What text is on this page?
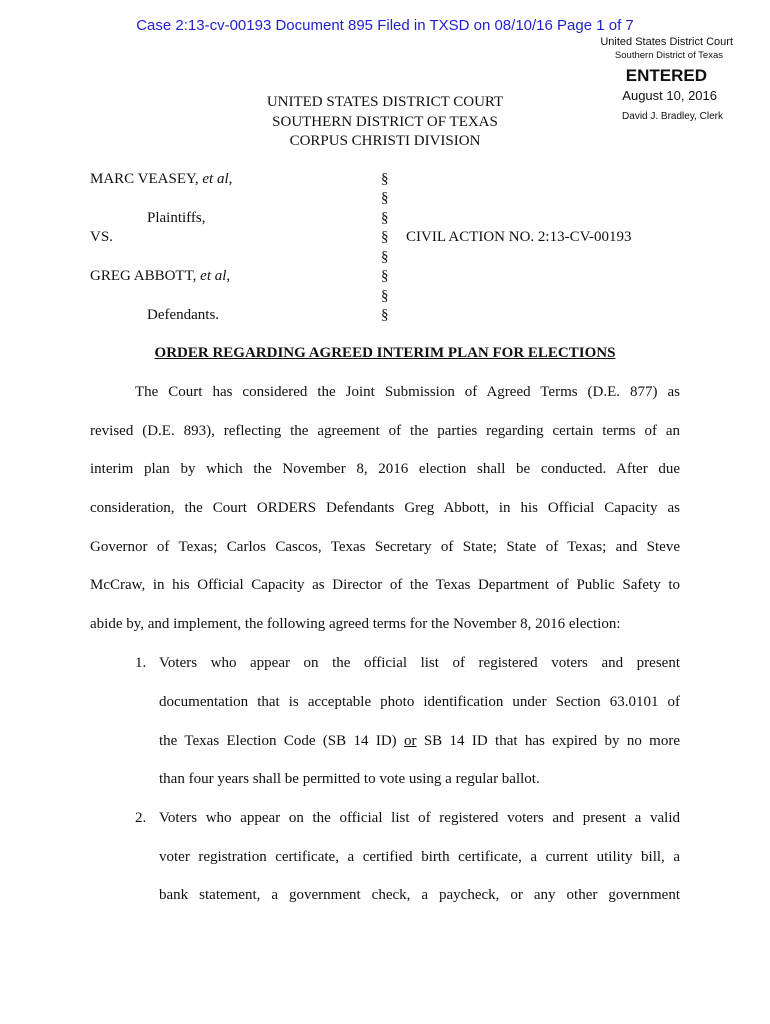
Case 2:13-cv-00193 Document 895 Filed in TXSD on 08/10/16 Page 1 of 7
United States District Court
Southern District of Texas
ENTERED
August 10, 2016
David J. Bradley, Clerk
UNITED STATES DISTRICT COURT
SOUTHERN DISTRICT OF TEXAS
CORPUS CHRISTI DIVISION
MARC VEASEY, et al,
Plaintiffs,
VS.	CIVIL ACTION NO. 2:13-CV-00193
GREG ABBOTT, et al,
Defendants.
§
§
§
§
§
§
§
§
ORDER REGARDING AGREED INTERIM PLAN FOR ELECTIONS
The Court has considered the Joint Submission of Agreed Terms (D.E. 877) as
revised (D.E. 893), reflecting the agreement of the parties regarding certain terms of an
interim plan by which the November 8, 2016 election shall be conducted. After due
consideration, the Court ORDERS Defendants Greg Abbott, in his Official Capacity as
Governor of Texas; Carlos Cascos, Texas Secretary of State; State of Texas; and Steve
McCraw, in his Official Capacity as Director of the Texas Department of Public Safety to
abide by, and implement, the following agreed terms for the November 8, 2016 election:
1. Voters who appear on the official list of registered voters and present
documentation that is acceptable photo identification under Section 63.0101 of
the Texas Election Code (SB 14 ID) or SB 14 ID that has expired by no more
than four years shall be permitted to vote using a regular ballot.
2. Voters who appear on the official list of registered voters and present a valid
voter registration certificate, a certified birth certificate, a current utility bill, a
bank statement, a government check, a paycheck, or any other government
